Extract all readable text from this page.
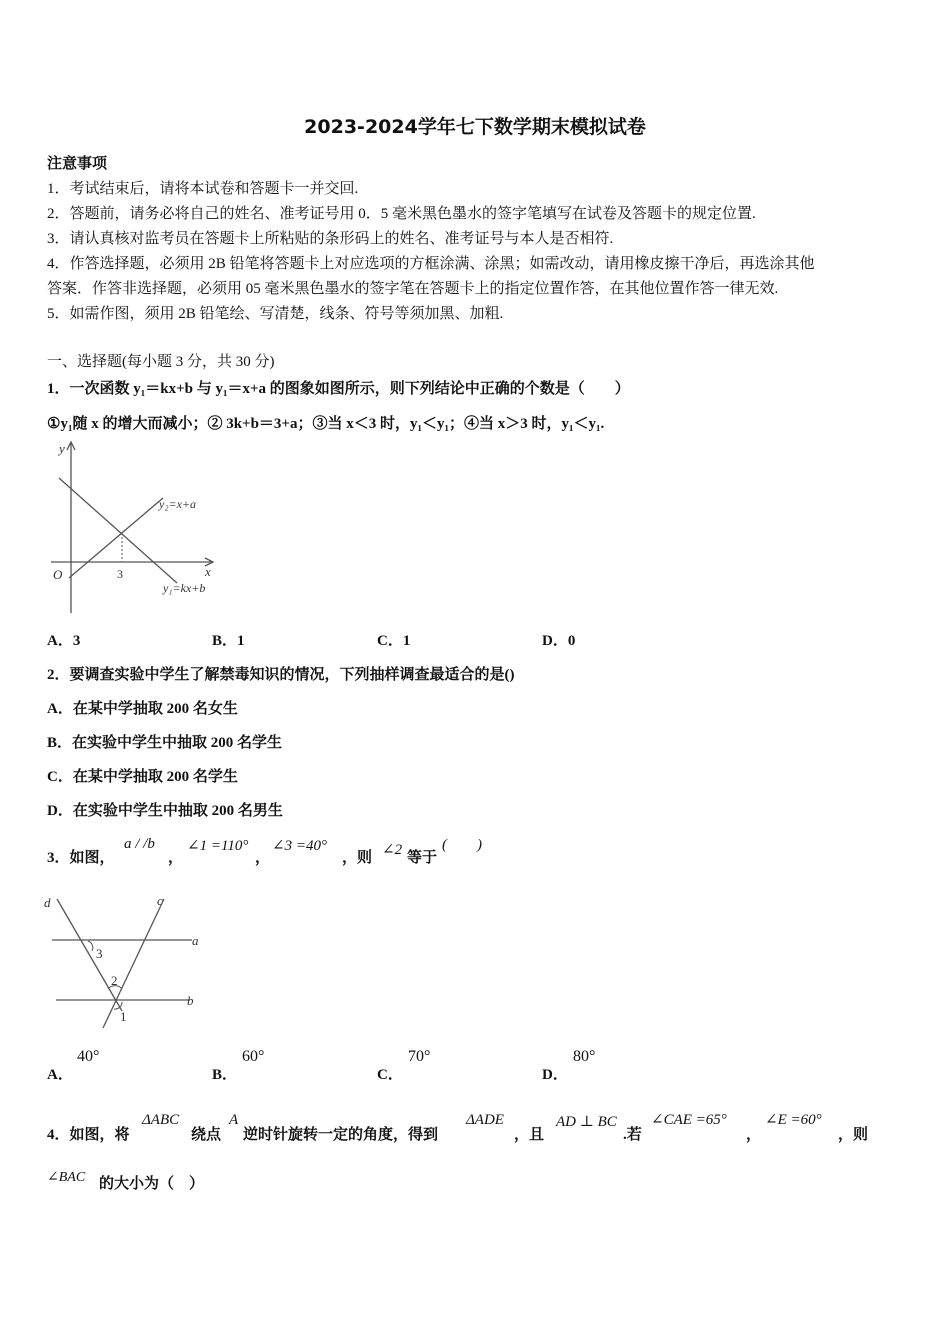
2023-2024学年七下数学期末模拟试卷
注意事项
1．考试结束后，请将本试卷和答题卡一并交回.
2．答题前，请务必将自己的姓名、准考证号用 0．5 毫米黑色墨水的签字笔填写在试卷及答题卡的规定位置.
3．请认真核对监考员在答题卡上所粘贴的条形码上的姓名、准考证号与本人是否相符.
4．作答选择题，必须用 2B 铅笔将答题卡上对应选项的方框涂满、涂黑；如需改动，请用橡皮擦干净后，再选涂其他
答案．作答非选择题，必须用 05 毫米黑色墨水的签字笔在答题卡上的指定位置作答，在其他位置作答一律无效.
5．如需作图，须用 2B 铅笔绘、写清楚，线条、符号等须加黑、加粗.
一、选择题(每小题 3 分，共 30 分)
1．一次函数 y₁＝kx+b 与 y₁＝x+a 的图象如图所示，则下列结论中正确的个数是（　　）
①y₁随 x 的增大而减小；② 3k+b＝3+a；③当 x＜3 时，y₁＜y₁；④当 x＞3 时，y₁＜y₁.
y
x
O	3
y₂=x+a
y₁=kx+b
A．3	B．1	C．1	D．0
2．要调查实验中学生了解禁毒知识的情况，下列抽样调查最适合的是()
A．在某中学抽取 200 名女生
B．在实验中学生中抽取 200 名学生
C．在某中学抽取 200 名学生
D．在实验中学生中抽取 200 名男生
3．如图，
a / /b
，
∠1 =110°
，
∠3 =40°
，则 ∠2 等于
(　　)
d	c
a
b
3
2
1
A．
40°
B．
60°
C．
70°
D．
80°
4．如图，将
ΔABC
绕点
A
逆时针旋转一定的角度，得到
ΔADE
，且
AD ⊥ BC
.若
∠CAE =65°
，
∠E =60°
，则
∠BAC 的大小为（　）
